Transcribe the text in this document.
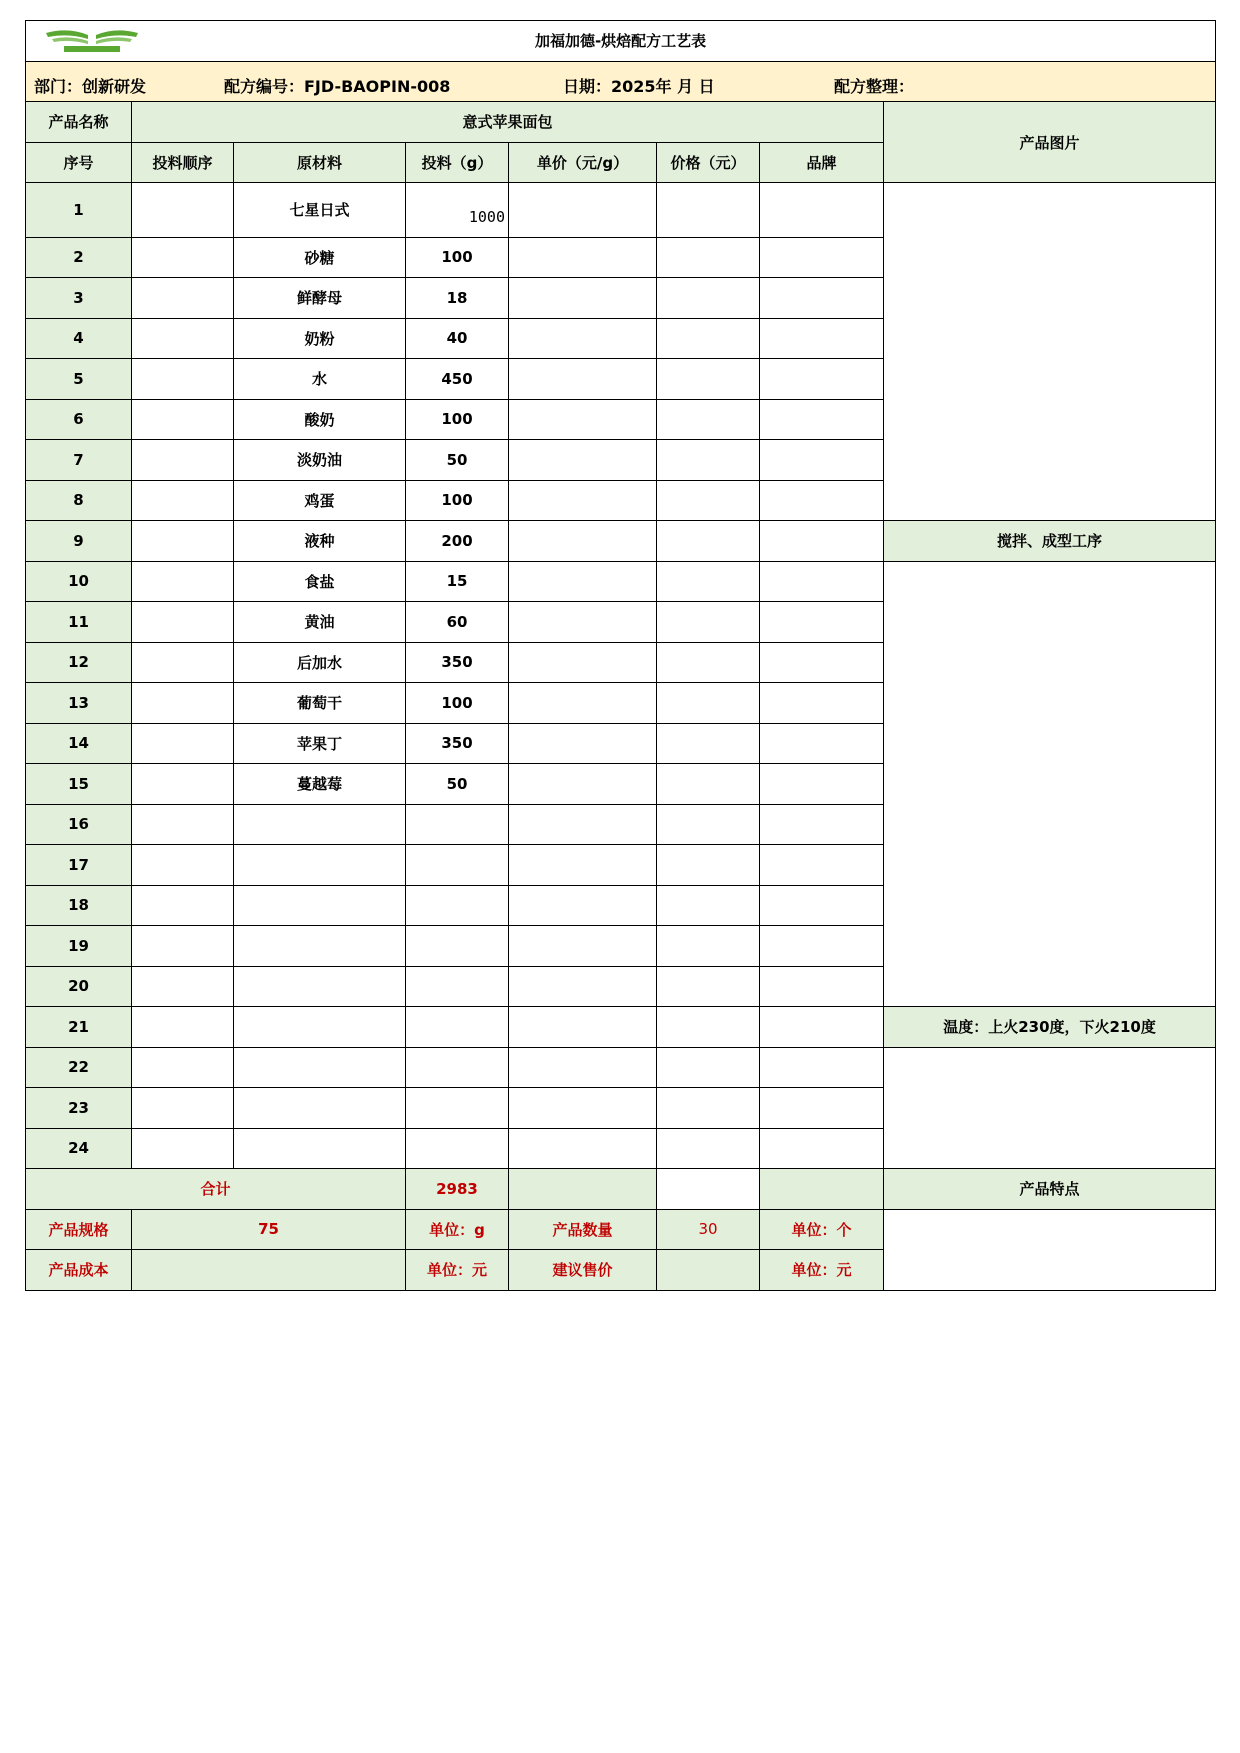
加福加德-烘焙配方工艺表							

部门：创新研发 配方编号：FJD-BAOPIN-008 日期：2025年 月 日 配方整理：							

产品名称	意式苹果面包						产品图片
序号	投料顺序	原材料	投料（g）	单价（元/g）	价格（元）	品牌	
1		七星日式	1000				
2		砂糖	100				
3		鲜酵母	18				
4		奶粉	40				
5		水	450				
6		酸奶	100				
7		淡奶油	50				
8		鸡蛋	100				
9		液种	200				搅拌、成型工序
10		食盐	15				
11		黄油	60				
12		后加水	350				
13		葡萄干	100				
14		苹果丁	350				
15		蔓越莓	50				
16							
17							
18							
19							
20							
21							温度：上火230度，下火210度
22							
23							
24							
合计			2983				产品特点
产品规格	75		单位：g	产品数量	30	单位：个	
产品成本			单位：元	建议售价		单位：元	
